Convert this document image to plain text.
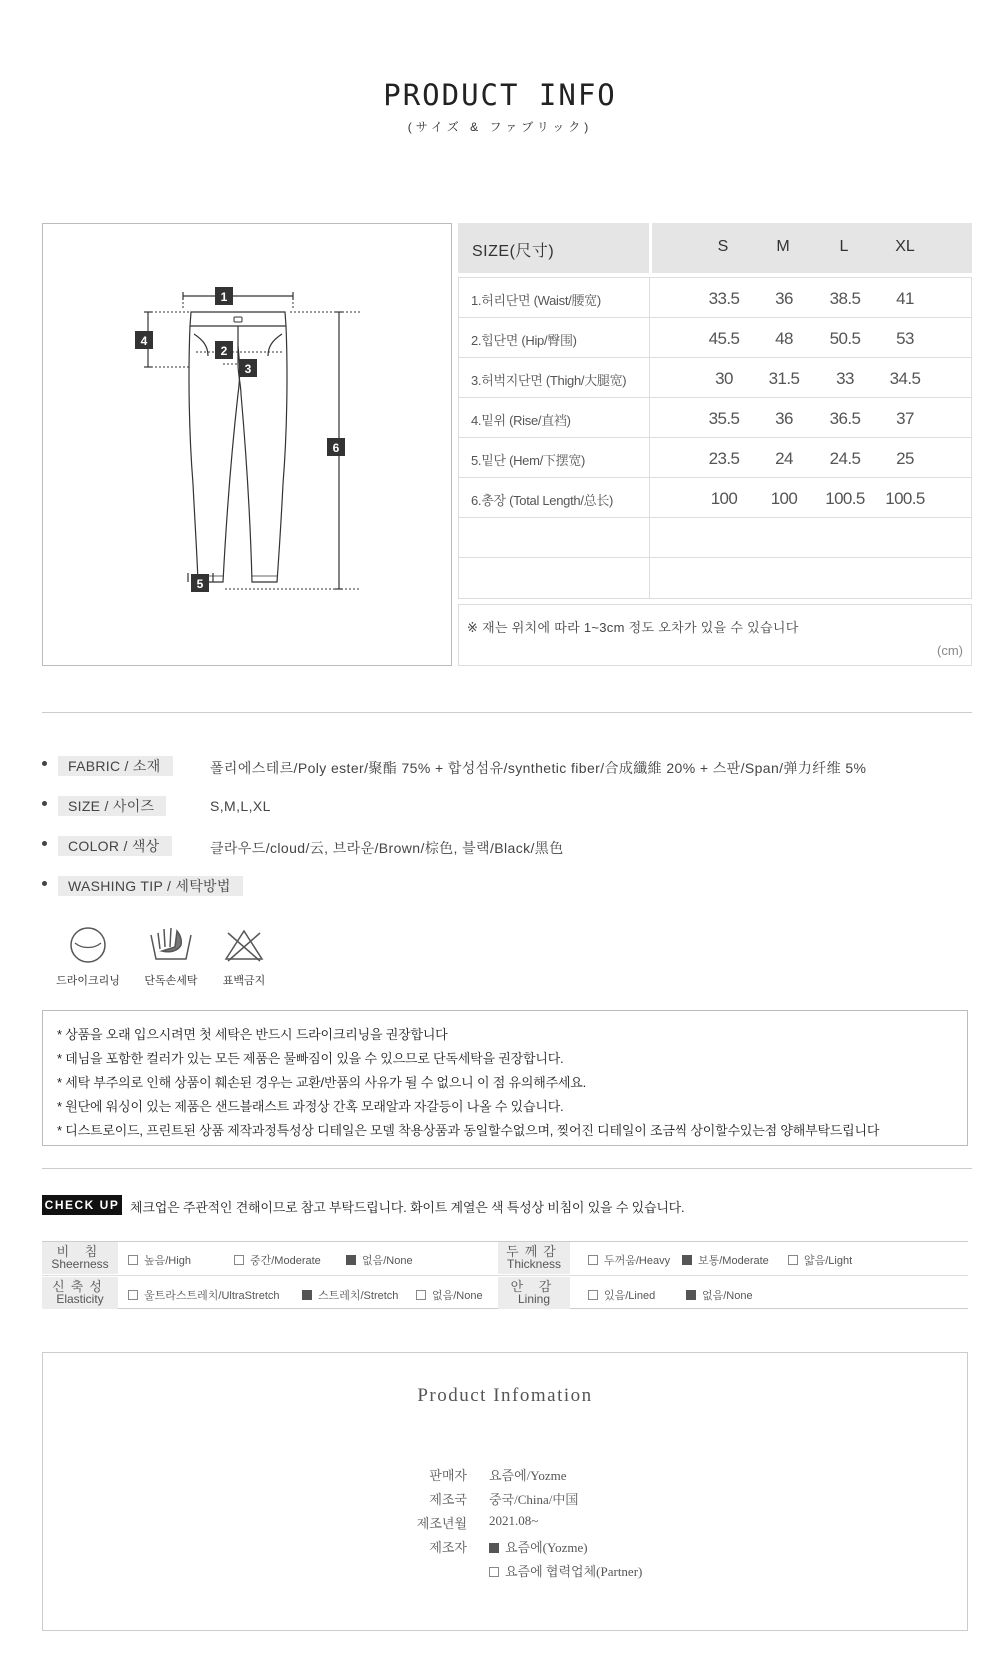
PRODUCT INFO
(サイズ & ファブリック)
1
2
3
4
5
6
SIZE(尺寸)	S	M	L	XL
1.허리단면 (Waist/腰宽)	33.5	36	38.5	41
2.힙단면 (Hip/臀围)	45.5	48	50.5	53
3.허벅지단면 (Thigh/大腿宽)	30	31.5	33	34.5
4.밑위 (Rise/直裆)	35.5	36	36.5	37
5.밑단 (Hem/下摆宽)	23.5	24	24.5	25
6.총장 (Total Length/总长)	100	100	100.5	100.5
※ 재는 위치에 따라 1~3cm 정도 오차가 있을 수 있습니다
(cm)
FABRIC / 소재	폴리에스테르/Poly ester/聚酯 75% + 합성섬유/synthetic fiber/合成纖維 20% + 스판/Span/弹力纤维 5%
SIZE / 사이즈	S,M,L,XL
COLOR / 색상	클라우드/cloud/云, 브라운/Brown/棕色, 블랙/Black/黑色
WASHING TIP / 세탁방법
드라이크리닝	단독손세탁	표백금지
* 상품을 오래 입으시려면 첫 세탁은 반드시 드라이크리닝을 권장합니다
* 데님을 포함한 컬러가 있는 모든 제품은 물빠짐이 있을 수 있으므로 단독세탁을 권장합니다.
* 세탁 부주의로 인해 상품이 훼손된 경우는 교환/반품의 사유가 될 수 없으니 이 점 유의해주세요.
* 원단에 워싱이 있는 제품은 샌드블래스트 과정상 간혹 모래알과 자갈등이 나올 수 있습니다.
* 디스트로이드, 프린트된 상품 제작과정특성상 디테일은 모델 착용상품과 동일할수없으며, 찢어진 디테일이 조금씩 상이할수있는점 양해부탁드립니다
CHECK UP 체크업은 주관적인 견해이므로 참고 부탁드립니다. 화이트 계열은 색 특성상 비침이 있을 수 있습니다.
비 침
Sheerness	높음/High	중간/Moderate	없음/None
두께감
Thickness	두꺼움/Heavy	보통/Moderate	얇음/Light
신축성
Elasticity	울트라스트레치/UltraStretch	스트레치/Stretch	없음/None
안 감
Lining	있음/Lined	없음/None
Product Infomation
판매자 요즘에/Yozme
제조국 중국/China/中国
제조년월 2021.08~
제조자	요즘에(Yozme)
요즘에 협력업체(Partner)
